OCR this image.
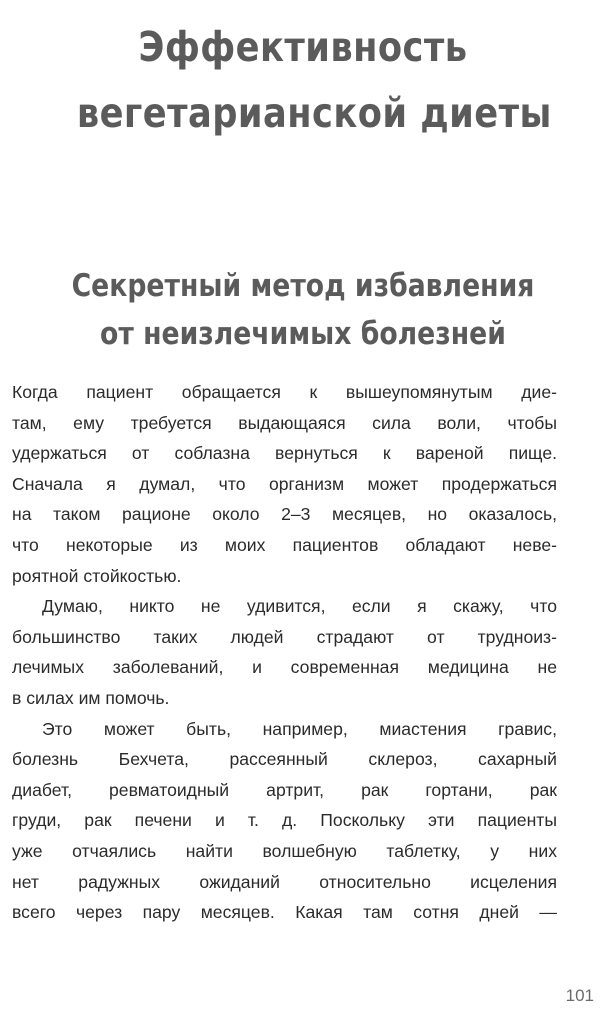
Эффективность
вегетарианской диеты
Секретный метод избавления
от неизлечимых болезней
Когда пациент обращается к вышеупомянутым дие-
там, ему требуется выдающаяся сила воли, чтобы
удержаться от соблазна вернуться к вареной пище.
Сначала я думал, что организм может продержаться
на таком рационе около 2–3 месяцев, но оказалось,
что некоторые из моих пациентов обладают неве-
роятной стойкостью.
Думаю, никто не удивится, если я скажу, что
большинство таких людей страдают от трудноиз-
лечимых заболеваний, и современная медицина не
в силах им помочь.
Это может быть, например, миастения гравис,
болезнь Бехчета, рассеянный склероз, сахарный
диабет, ревматоидный артрит, рак гортани, рак
груди, рак печени и т. д. Поскольку эти пациенты
уже отчаялись найти волшебную таблетку, у них
нет радужных ожиданий относительно исцеления
всего через пару месяцев. Какая там сотня дней —
101
